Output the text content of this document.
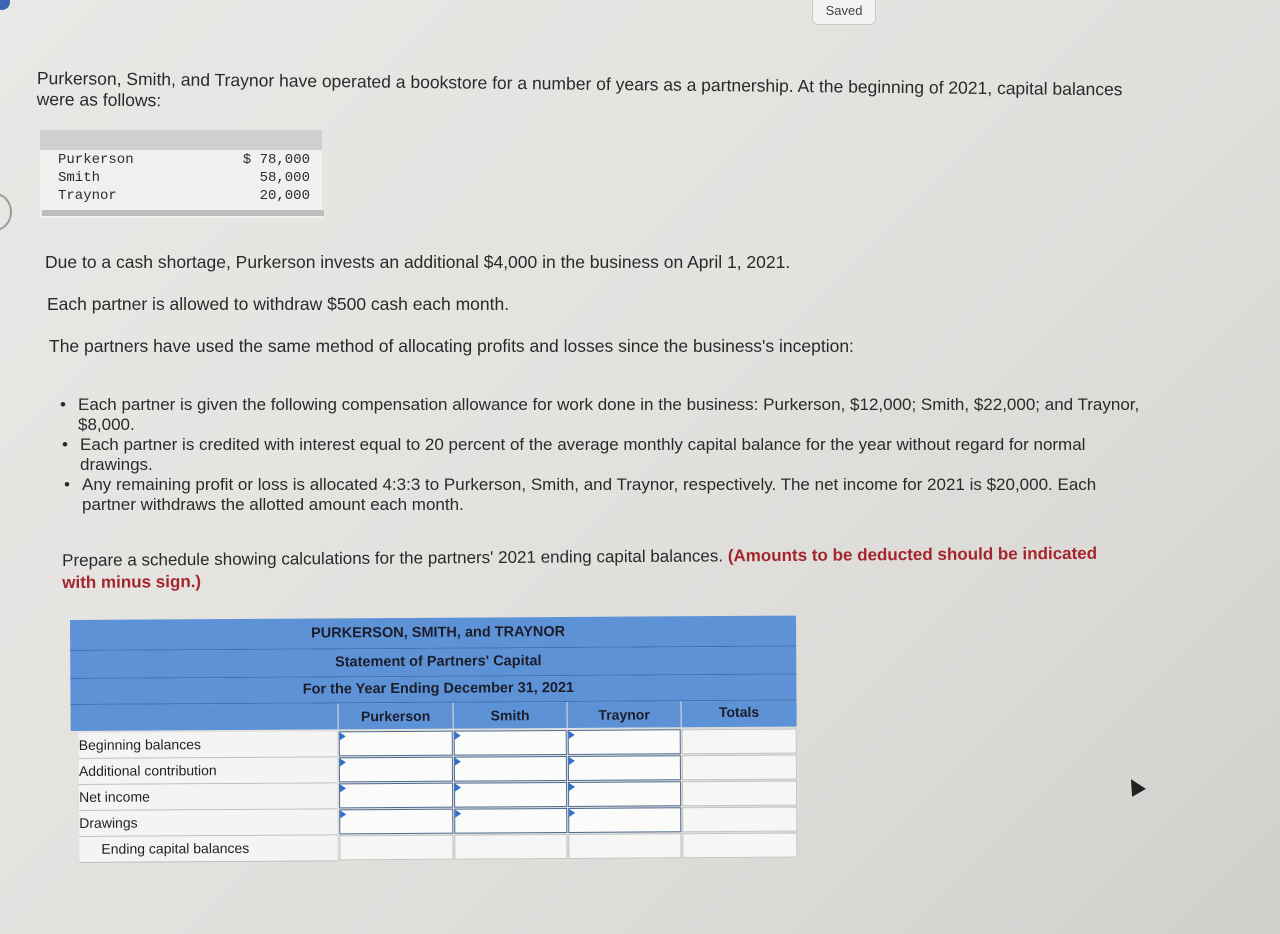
Saved
Purkerson, Smith, and Traynor have operated a bookstore for a number of years as a partnership. At the beginning of 2021, capital balances were as follows:
Purkerson	$ 78,000
Smith	58,000
Traynor	20,000
Due to a cash shortage, Purkerson invests an additional $4,000 in the business on April 1, 2021.
Each partner is allowed to withdraw $500 cash each month.
The partners have used the same method of allocating profits and losses since the business's inception:
• Each partner is given the following compensation allowance for work done in the business: Purkerson, $12,000; Smith, $22,000; and Traynor, $8,000.
• Each partner is credited with interest equal to 20 percent of the average monthly capital balance for the year without regard for normal drawings.
• Any remaining profit or loss is allocated 4:3:3 to Purkerson, Smith, and Traynor, respectively. The net income for 2021 is $20,000. Each partner withdraws the allotted amount each month.
Prepare a schedule showing calculations for the partners' 2021 ending capital balances. (Amounts to be deducted should be indicated with minus sign.)
PURKERSON, SMITH, and TRAYNOR
Statement of Partners' Capital
For the Year Ending December 31, 2021
Purkerson	Smith	Traynor	Totals
Beginning balances
Additional contribution
Net income
Drawings
Ending capital balances
